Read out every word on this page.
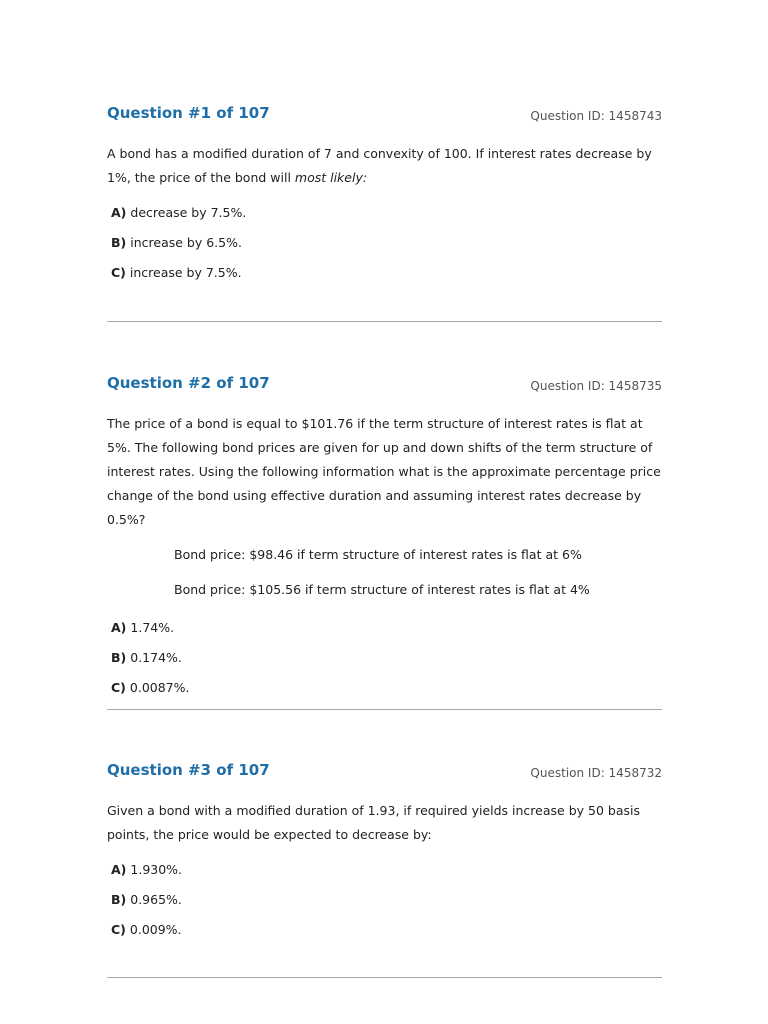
Question #1 of 107	Question ID: 1458743
A bond has a modified duration of 7 and convexity of 100. If interest rates decrease by 1%, the price of the bond will most likely:
A) decrease by 7.5%.
B) increase by 6.5%.
C) increase by 7.5%.
Question #2 of 107	Question ID: 1458735
The price of a bond is equal to $101.76 if the term structure of interest rates is flat at 5%. The following bond prices are given for up and down shifts of the term structure of interest rates. Using the following information what is the approximate percentage price change of the bond using effective duration and assuming interest rates decrease by 0.5%?
Bond price: $98.46 if term structure of interest rates is flat at 6%
Bond price: $105.56 if term structure of interest rates is flat at 4%
A) 1.74%.
B) 0.174%.
C) 0.0087%.
Question #3 of 107	Question ID: 1458732
Given a bond with a modified duration of 1.93, if required yields increase by 50 basis points, the price would be expected to decrease by:
A) 1.930%.
B) 0.965%.
C) 0.009%.
